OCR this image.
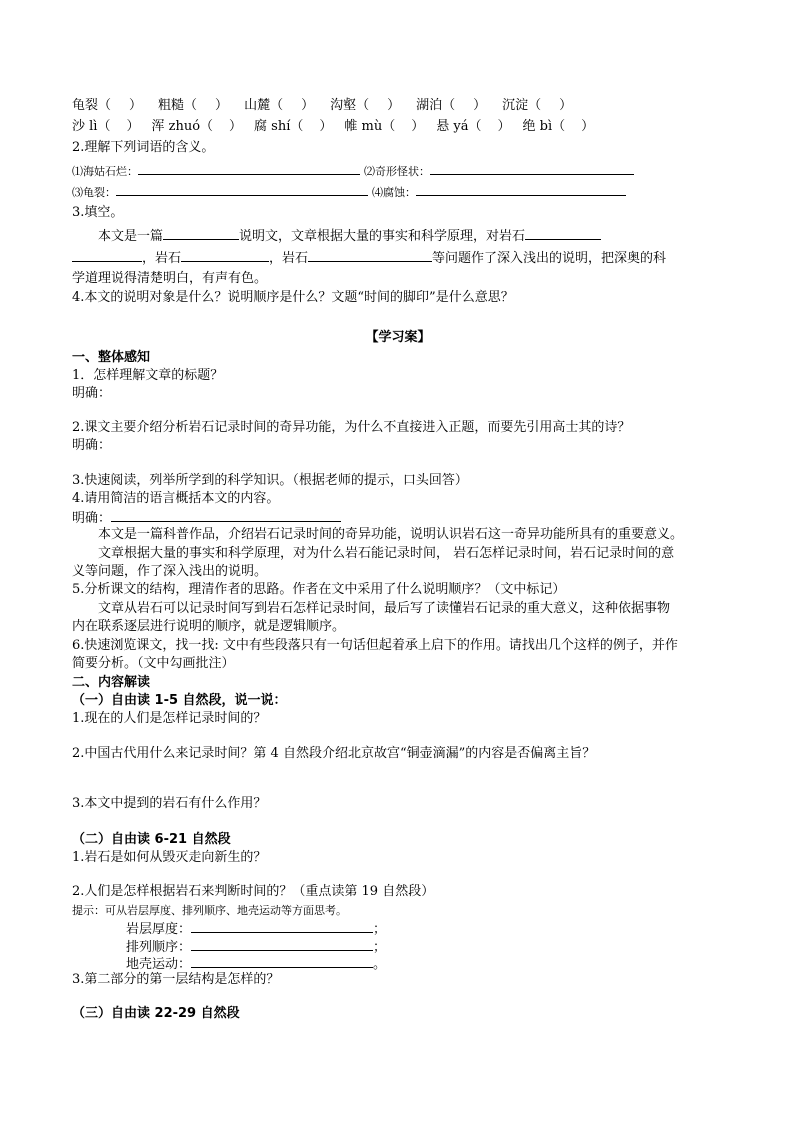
龟裂（ ） 粗糙（ ） 山麓（ ） 沟壑（ ） 湖泊（ ） 沉淀（ ）
沙 lì（ ） 浑 zhuó（ ） 腐 shí（ ） 帷 mù（ ） 悬 yá（ ） 绝 bì（ ）
2.理解下列词语的含义。
⑴海姑石烂：	⑵奇形怪状：
⑶龟裂：	⑷腐蚀：
3.填空。
本文是一篇	说明文，文章根据大量的事实和科学原理，对岩石
，岩石	，岩石	等问题作了深入浅出的说明，把深奥的科
学道理说得清楚明白，有声有色。
4.本文的说明对象是什么？说明顺序是什么？文题“时间的脚印”是什么意思？
【学习案】
一、整体感知
1．怎样理解文章的标题？
明确：
2.课文主要介绍分析岩石记录时间的奇异功能，为什么不直接进入正题，而要先引用高士其的诗？
明确：
3.快速阅读，列举所学到的科学知识。（根据老师的提示，口头回答）
4.请用简洁的语言概括本文的内容。
明确：
本文是一篇科普作品，介绍岩石记录时间的奇异功能，说明认识岩石这一奇异功能所具有的重要意义。
文章根据大量的事实和科学原理，对为什么岩石能记录时间， 岩石怎样记录时间，岩石记录时间的意
义等问题，作了深入浅出的说明。
5.分析课文的结构，理清作者的思路。作者在文中采用了什么说明顺序？（文中标记）
文章从岩石可以记录时间写到岩石怎样记录时间，最后写了读懂岩石记录的重大意义，这种依据事物
内在联系逐层进行说明的顺序，就是逻辑顺序。
6.快速浏览课文，找一找: 文中有些段落只有一句话但起着承上启下的作用。请找出几个这样的例子，并作
简要分析。（文中勾画批注）
二、内容解读
（一）自由读 1-5 自然段，说一说：
1.现在的人们是怎样记录时间的？
2.中国古代用什么来记录时间？第 4 自然段介绍北京故宫“铜壶滴漏”的内容是否偏离主旨？
3.本文中提到的岩石有什么作用？
（二）自由读 6-21 自然段
1.岩石是如何从毁灭走向新生的？
2.人们是怎样根据岩石来判断时间的？（重点读第 19 自然段）
提示：可从岩层厚度、排列顺序、地壳运动等方面思考。
岩层厚度：	；
排列顺序：	；
地壳运动：	。
3.第二部分的第一层结构是怎样的？
（三）自由读 22-29 自然段
